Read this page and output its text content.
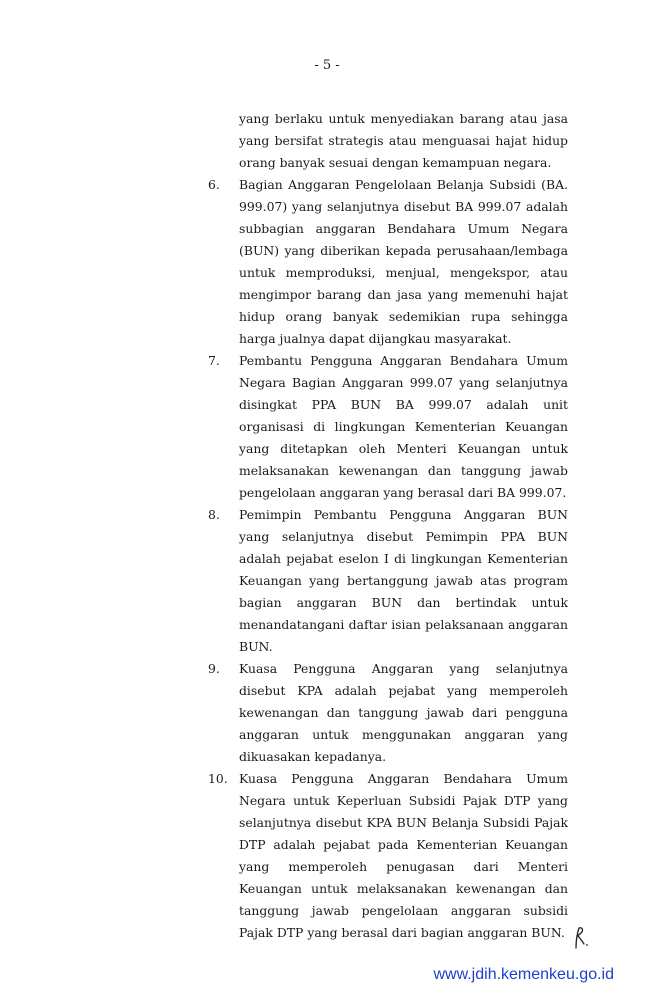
- 5 -
yang berlaku untuk menyediakan barang atau jasa yang bersifat strategis atau menguasai hajat hidup orang banyak sesuai dengan kemampuan negara.
6. Bagian Anggaran Pengelolaan Belanja Subsidi (BA. 999.07) yang selanjutnya disebut BA 999.07 adalah subbagian anggaran Bendahara Umum Negara (BUN) yang diberikan kepada perusahaan/lembaga untuk memproduksi, menjual, mengekspor, atau mengimpor barang dan jasa yang memenuhi hajat hidup orang banyak sedemikian rupa sehingga harga jualnya dapat dijangkau masyarakat.
7. Pembantu Pengguna Anggaran Bendahara Umum Negara Bagian Anggaran 999.07 yang selanjutnya disingkat PPA BUN BA 999.07 adalah unit organisasi di lingkungan Kementerian Keuangan yang ditetapkan oleh Menteri Keuangan untuk melaksanakan kewenangan dan tanggung jawab pengelolaan anggaran yang berasal dari BA 999.07.
8. Pemimpin Pembantu Pengguna Anggaran BUN yang selanjutnya disebut Pemimpin PPA BUN adalah pejabat eselon I di lingkungan Kementerian Keuangan yang bertanggung jawab atas program bagian anggaran BUN dan bertindak untuk menandatangani daftar isian pelaksanaan anggaran BUN.
9. Kuasa Pengguna Anggaran yang selanjutnya disebut KPA adalah pejabat yang memperoleh kewenangan dan tanggung jawab dari pengguna anggaran untuk menggunakan anggaran yang dikuasakan kepadanya.
10. Kuasa Pengguna Anggaran Bendahara Umum Negara untuk Keperluan Subsidi Pajak DTP yang selanjutnya disebut KPA BUN Belanja Subsidi Pajak DTP adalah pejabat pada Kementerian Keuangan yang memperoleh penugasan dari Menteri Keuangan untuk melaksanakan kewenangan dan tanggung jawab pengelolaan anggaran subsidi Pajak DTP yang berasal dari bagian anggaran BUN.
www.jdih.kemenkeu.go.id
